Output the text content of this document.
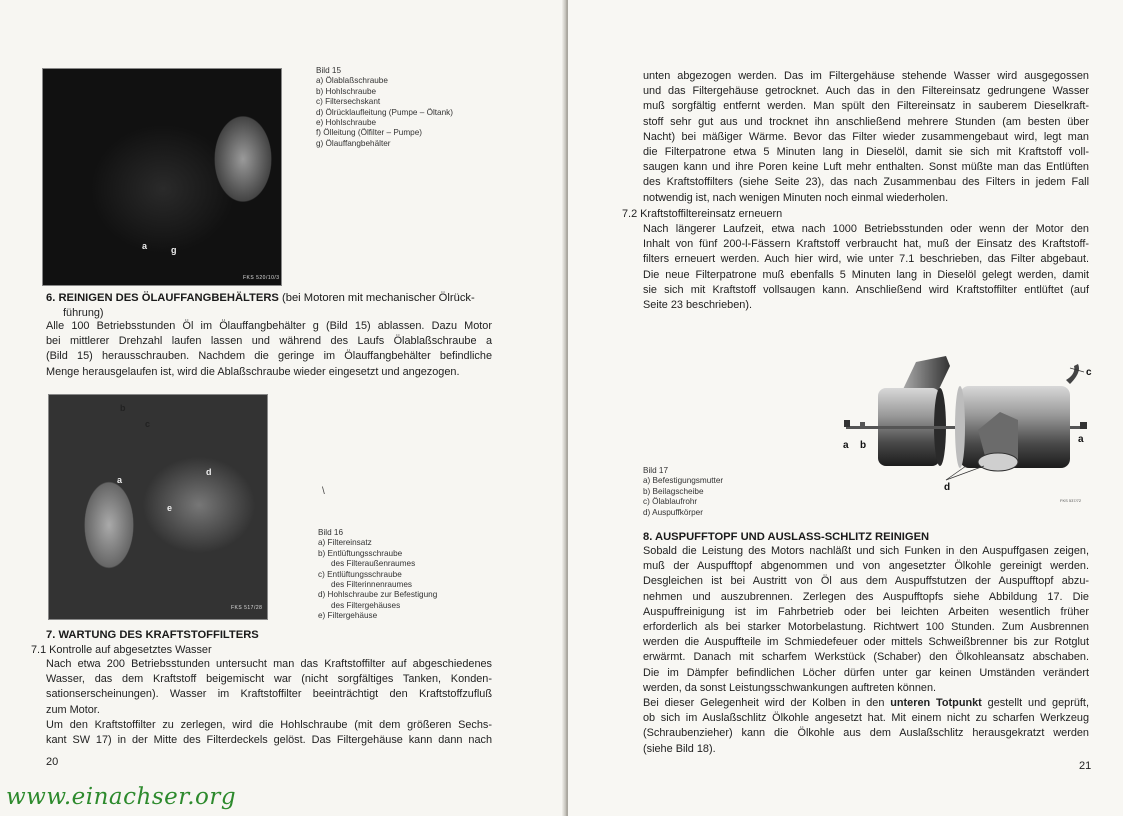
a	g
FKS 520/10/3
Bild 15
a) Ölablaßschraube
b) Hohlschraube
c) Filtersechskant
d) Ölrücklaufleitung (Pumpe – Öltank)
e) Hohlschraube
f) Ölleitung (Ölfilter – Pumpe)
g) Ölauffangbehälter
6. REINIGEN DES ÖLAUFFANGBEHÄLTERS (bei Motoren mit mechanischer Ölrück-
führung)
Alle 100 Betriebsstunden Öl im Ölauffangbehälter g (Bild 15) ablassen. Dazu Motor
bei mittlerer Drehzahl laufen lassen und während des Laufs Ölablaßschraube a
(Bild 15) herausschrauben. Nachdem die geringe im Ölauffangbehälter befindliche
Menge herausgelaufen ist, wird die Ablaßschraube wieder eingesetzt und angezogen.
b
c
d
a
e
FKS 517/28
\
Bild 16
a) Filtereinsatz
b) Entlüftungsschraube
des Filteraußenraumes
c) Entlüftungsschraube
des Filterinnenraumes
d) Hohlschraube zur Befestigung
des Filtergehäuses
e) Filtergehäuse
7. WARTUNG DES KRAFTSTOFFILTERS
7.1 Kontrolle auf abgesetztes Wasser
Nach etwa 200 Betriebsstunden untersucht man das Kraftstoffilter auf abgeschiedenes
Wasser, das dem Kraftstoff beigemischt war (nicht sorgfältiges Tanken, Konden-
sationserscheinungen). Wasser im Kraftstoffilter beeinträchtigt den Kraftstoffzufluß
zum Motor.
Um den Kraftstoffilter zu zerlegen, wird die Hohlschraube (mit dem größeren Sechs-
kant SW 17) in der Mitte des Filterdeckels gelöst. Das Filtergehäuse kann dann nach
20
unten abgezogen werden. Das im Filtergehäuse stehende Wasser wird ausgegossen
und das Filtergehäuse getrocknet. Auch das in den Filtereinsatz gedrungene Wasser
muß sorgfältig entfernt werden. Man spült den Filtereinsatz in sauberem Dieselkraft-
stoff sehr gut aus und trocknet ihn anschließend mehrere Stunden (am besten über
Nacht) bei mäßiger Wärme. Bevor das Filter wieder zusammengebaut wird, legt man
die Filterpatrone etwa 5 Minuten lang in Dieselöl, damit sie sich mit Kraftstoff voll-
saugen kann und ihre Poren keine Luft mehr enthalten. Sonst müßte man das Entlüften
des Kraftstoffilters (siehe Seite 23), das nach Zusammenbau des Filters in jedem Fall
notwendig ist, nach wenigen Minuten noch einmal wiederholen.
7.2 Kraftstoffiltereinsatz erneuern
Nach längerer Laufzeit, etwa nach 1000 Betriebsstunden oder wenn der Motor den
Inhalt von fünf 200-l-Fässern Kraftstoff verbraucht hat, muß der Einsatz des Kraftstoff-
filters erneuert werden. Auch hier wird, wie unter 7.1 beschrieben, das Filter abgebaut.
Die neue Filterpatrone muß ebenfalls 5 Minuten lang in Dieselöl gelegt werden, damit
sie sich mit Kraftstoff vollsaugen kann. Anschließend wird Kraftstoffilter entlüftet (auf
Seite 23 beschrieben).
Bild 17
a) Befestigungsmutter
b) Beilagscheibe
c) Ölablaufrohr
d) Auspuffkörper
8. AUSPUFFTOPF UND AUSLASS-SCHLITZ REINIGEN
Sobald die Leistung des Motors nachläßt und sich Funken in den Auspuffgasen zeigen,
muß der Auspufftopf abgenommen und von angesetzter Ölkohle gereinigt werden.
Desgleichen ist bei Austritt von Öl aus dem Auspuffstutzen der Auspufftopf abzu-
nehmen und auszubrennen. Zerlegen des Auspufftopfs siehe Abbildung 17. Die
Auspuffreinigung ist im Fahrbetrieb oder bei leichten Arbeiten wesentlich früher
erforderlich als bei starker Motorbelastung. Richtwert 100 Stunden. Zum Ausbrennen
werden die Auspuffteile im Schmiedefeuer oder mittels Schweißbrenner bis zur Rotglut
erwärmt. Danach mit scharfem Werkstück (Schaber) den Ölkohleansatz abschaben.
Die im Dämpfer befindlichen Löcher dürfen unter gar keinen Umständen verändert
werden, da sonst Leistungsschwankungen auftreten können.
Bei dieser Gelegenheit wird der Kolben in den unteren Totpunkt gestellt und geprüft,
ob sich im Auslaßschlitz Ölkohle angesetzt hat. Mit einem nicht zu scharfen Werkzeug
(Schraubenzieher) kann die Ölkohle aus dem Auslaßschlitz herausgekratzt werden
(siehe Bild 18).
21
a b
c
d
a
FKS 537/72
www.einachser.org
